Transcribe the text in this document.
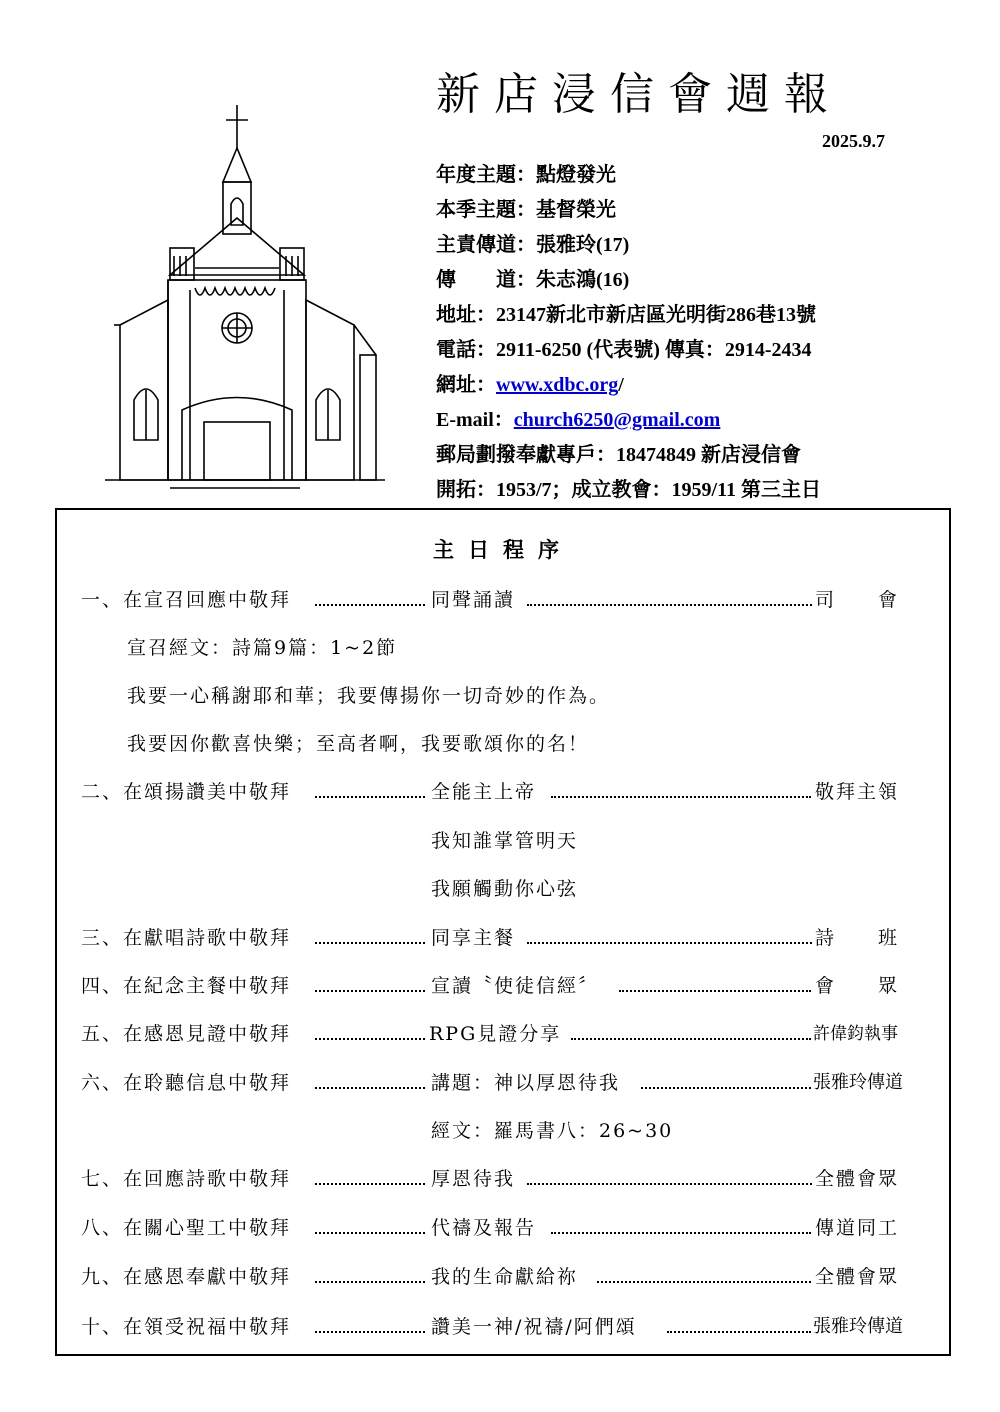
新店浸信會週報
2025.9.7
年度主題：點燈發光
本季主題：基督榮光
主責傳道：張雅玲(17)
傳　　道：朱志鴻(16)
地址：23147新北市新店區光明街286巷13號
電話：2911-6250 (代表號) 傳真：2914-2434
網址：www.xdbc.org/
E-mail：church6250@gmail.com
郵局劃撥奉獻專戶：18474849 新店浸信會
開拓：1953/7；成立教會：1959/11 第三主日
主日程序
一、在宣召回應中敬拜	同聲誦讀	司　　會
宣召經文：詩篇9篇：1~2節
我要一心稱謝耶和華；我要傳揚你一切奇妙的作為。
我要因你歡喜快樂；至高者啊，我要歌頌你的名！
二、在頌揚讚美中敬拜	全能主上帝	敬拜主領
我知誰掌管明天
我願觸動你心弦
三、在獻唱詩歌中敬拜	同享主餐	詩　　班
四、在紀念主餐中敬拜	宣讀〝使徒信經〞	會　　眾
五、在感恩見證中敬拜	RPG見證分享	許偉鈞執事
六、在聆聽信息中敬拜	講題：神以厚恩待我	張雅玲傳道
經文：羅馬書八：26~30
七、在回應詩歌中敬拜	厚恩待我	全體會眾
八、在關心聖工中敬拜	代禱及報告	傳道同工
九、在感恩奉獻中敬拜	我的生命獻給祢	全體會眾
十、在領受祝福中敬拜	讚美一神/祝禱/阿們頌	張雅玲傳道
